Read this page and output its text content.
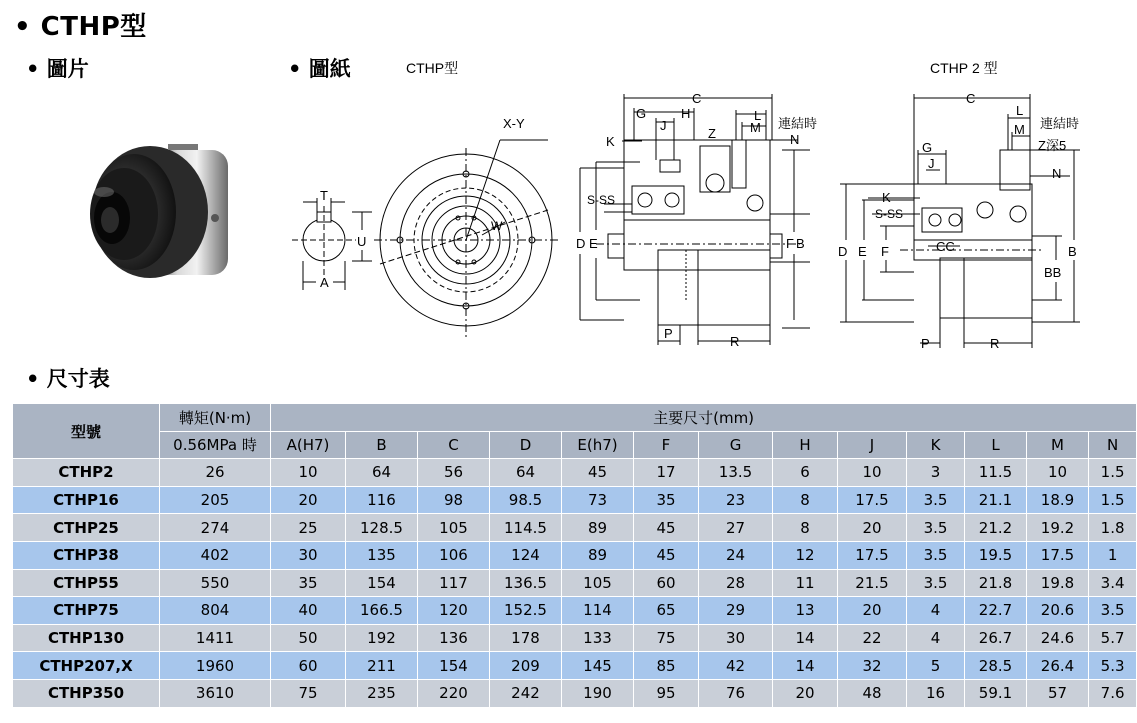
• CTHP型
• 圖片	• 圖紙	CTHP型	CTHP 2 型
• 尺寸表
T
U
A
X-Y
W
C
G	H
J
K
L
M 連結時
N
Z
S-SS
D E	F B
P
R
C
L
連結時
M
Z深5
G
J
N
K
S-SS
D E F	CC	B
BB
P	R
型號	轉矩(N·m)	主要尺寸(mm)												
	0.56MPa 時	A(H7)	B	C	D	E(h7)	F	G	H	J	K	L	M	N
CTHP2	26	10	64	56	64	45	17	13.5	6	10	3	11.5	10	1.5
CTHP16	205	20	116	98	98.5	73	35	23	8	17.5	3.5	21.1	18.9	1.5
CTHP25	274	25	128.5	105	114.5	89	45	27	8	20	3.5	21.2	19.2	1.8
CTHP38	402	30	135	106	124	89	45	24	12	17.5	3.5	19.5	17.5	1
CTHP55	550	35	154	117	136.5	105	60	28	11	21.5	3.5	21.8	19.8	3.4
CTHP75	804	40	166.5	120	152.5	114	65	29	13	20	4	22.7	20.6	3.5
CTHP130	1411	50	192	136	178	133	75	30	14	22	4	26.7	24.6	5.7
CTHP207,X	1960	60	211	154	209	145	85	42	14	32	5	28.5	26.4	5.3
CTHP350	3610	75	235	220	242	190	95	76	20	48	16	59.1	57	7.6
